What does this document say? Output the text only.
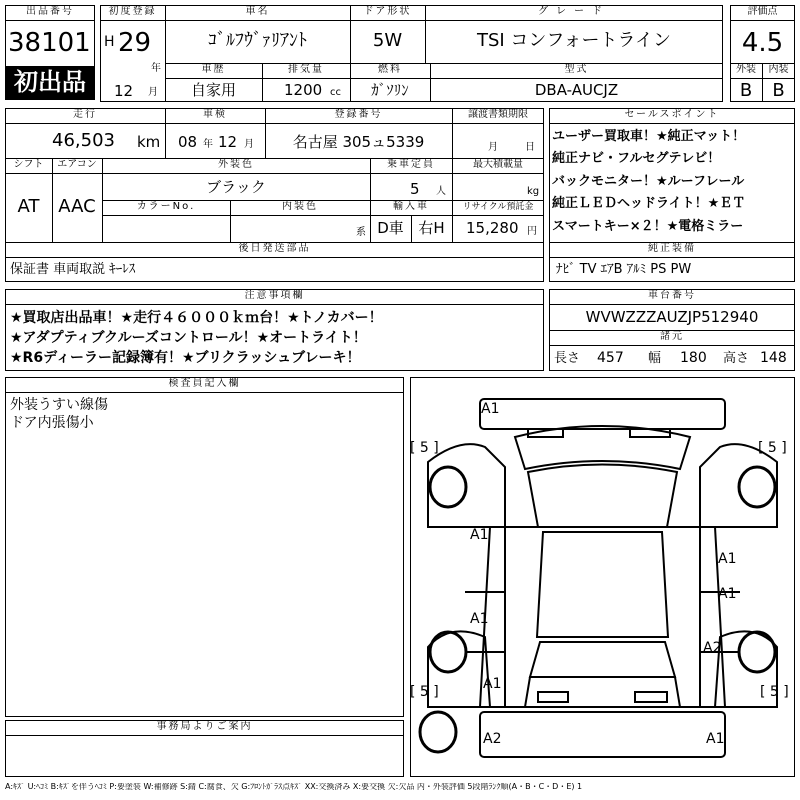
出品番号
38101
初出品
初度登録
H 29
年
12 月
車名
ｺﾞﾙﾌｳﾞｧﾘｱﾝﾄ
ドア形状
5W
グレード
TSI コンフォートライン
車歴
自家用
排気量
1200 cc
燃料
ｶﾞｿﾘﾝ
型式
DBA-AUCJZ
評価点
4.5
外装	内装
B	B
走行
46,503 km
車検
08 年 12 月
登録番号
名古屋 305ュ5339
譲渡書類期限
月	日
シフト
AT
エアコン
AAC
外装色
ブラック
乗車定員
5 人
最大積載量
kg
カラーNo.	内装色
系
輸入車
D車 右H
リサイクル預託金
15,280 円
後日発送部品
保証書 車両取説 ｷｰﾚｽ
セールスポイント
ユーザー買取車！★純正マット！
純正ナビ・フルセグテレビ！
バックモニター！★ルーフレール
純正ＬＥＤヘッドライト！★ＥＴ
スマートキー×２！★電格ミラー
純正装備
ﾅﾋﾞ TV ｴｱB ｱﾙﾐ PS PW
注意事項欄
★買取店出品車！★走行４６０００ｋｍ台！★トノカバー！
★アダプティブクルーズコントロール！★オートライト！
★R6ディーラー記録簿有！★ブリクラッシュブレーキ！
車台番号
WVWZZZAUZJP512940
諸元
長さ 457 幅 180 高さ 148
検査員記入欄
外装うすい線傷
ドア内張傷小
事務局よりご案内
A1
A1
A1
A1
A1
A1
A2
A2	A1
[ 5 ]	[ 5 ]
[ 5 ]	[ 5 ]
A:ｷｽﾞ U:ﾍｺﾐ B:ｷｽﾞを伴うﾍｺﾐ P:要塗装 W:補修跡 S:錆 C:腐食、欠 G:ﾌﾛﾝﾄｶﾞﾗｽ点ｷｽﾞ XX:交換済み X:要交換 欠:欠品 内・外装評価 5段階ﾗﾝｸ順(A・B・C・D・E) 1
